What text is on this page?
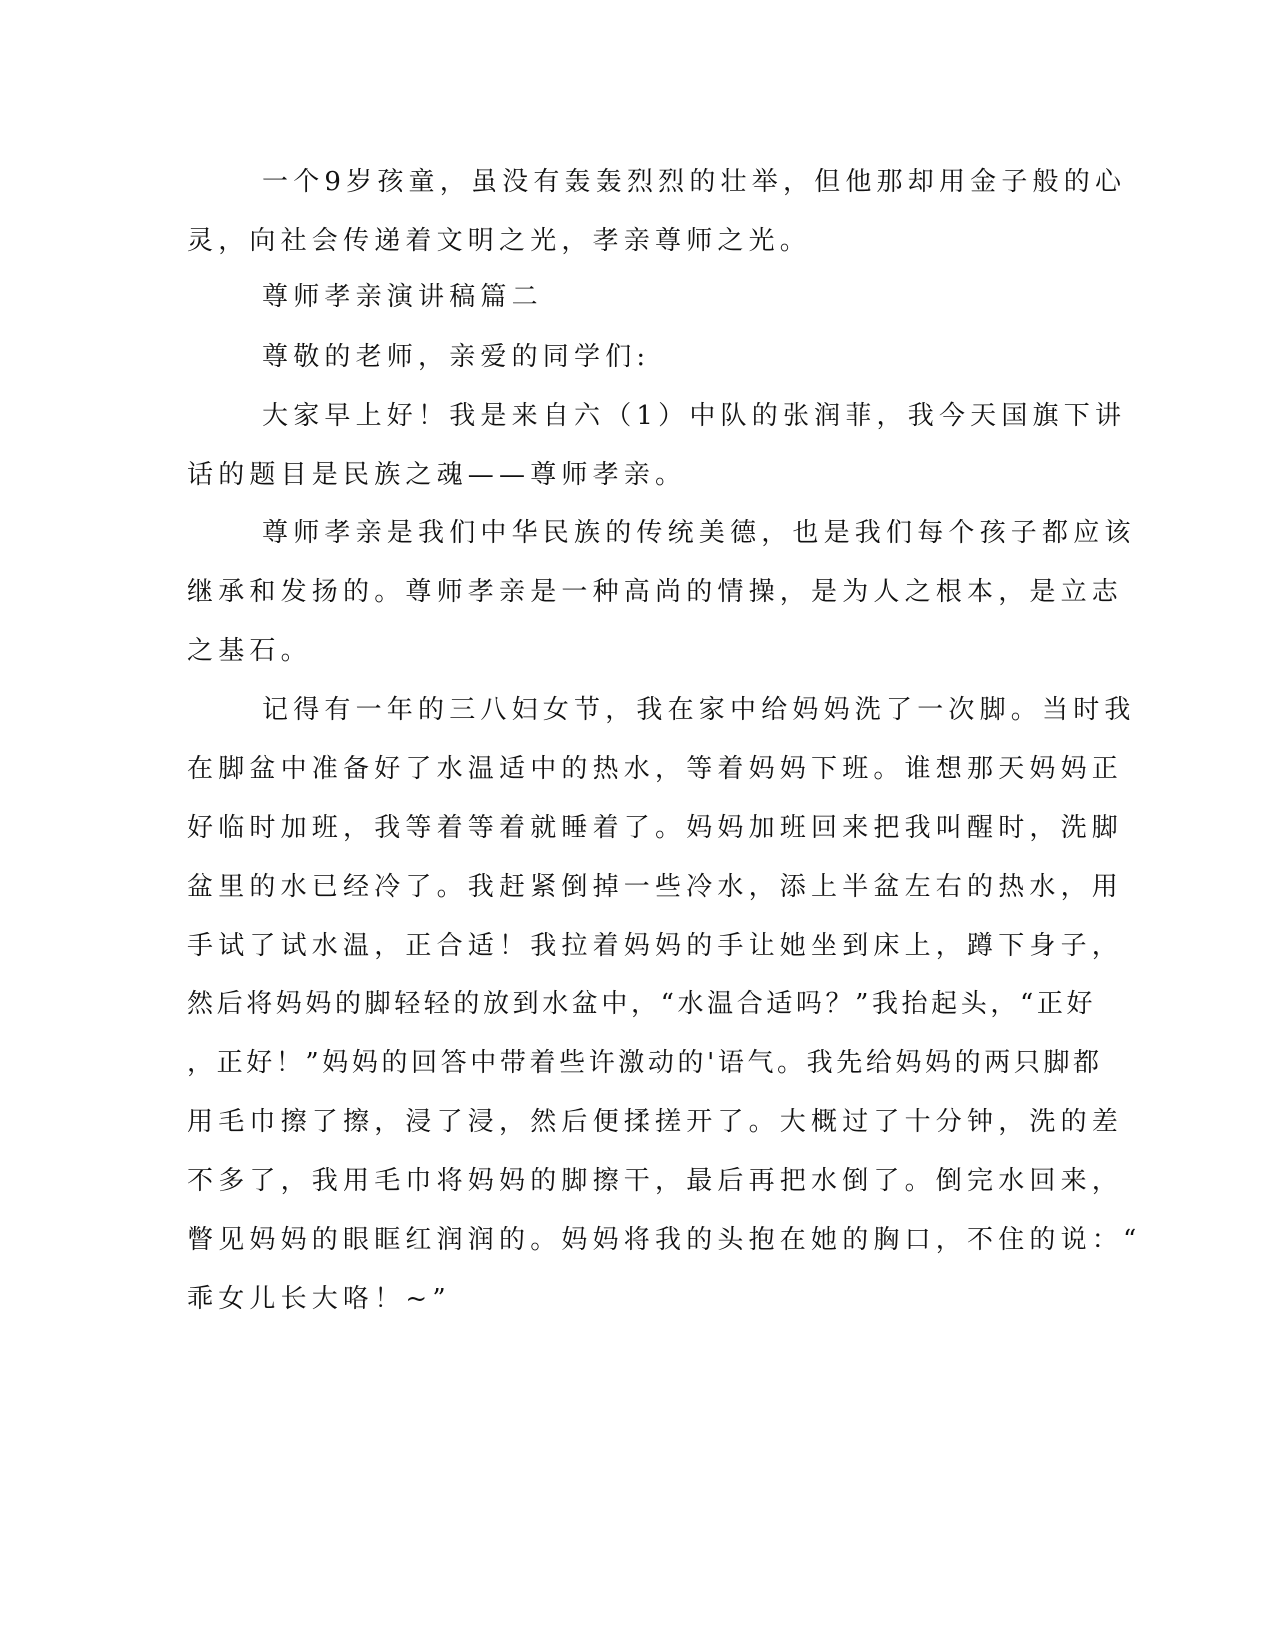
一个9岁孩童，虽没有轰轰烈烈的壮举，但他那却用金子般的心

灵，向社会传递着文明之光，孝亲尊师之光。

尊师孝亲演讲稿篇二

尊敬的老师，亲爱的同学们:

大家早上好！我是来自六（1）中队的张润菲，我今天国旗下讲

话的题目是民族之魂——尊师孝亲。

尊师孝亲是我们中华民族的传统美德，也是我们每个孩子都应该

继承和发扬的。尊师孝亲是一种高尚的情操，是为人之根本，是立志

之基石。

记得有一年的三八妇女节，我在家中给妈妈洗了一次脚。当时我

在脚盆中准备好了水温适中的热水，等着妈妈下班。谁想那天妈妈正

好临时加班，我等着等着就睡着了。妈妈加班回来把我叫醒时，洗脚

盆里的水已经冷了。我赶紧倒掉一些冷水，添上半盆左右的热水，用

手试了试水温，正合适！我拉着妈妈的手让她坐到床上，蹲下身子，

然后将妈妈的脚轻轻的放到水盆中，“水温合适吗？”我抬起头，“正好

，正好！”妈妈的回答中带着些许激动的'语气。我先给妈妈的两只脚都

用毛巾擦了擦，浸了浸，然后便揉搓开了。大概过了十分钟，洗的差

不多了，我用毛巾将妈妈的脚擦干，最后再把水倒了。倒完水回来，

瞥见妈妈的眼眶红润润的。妈妈将我的头抱在她的胸口，不住的说：“

乖女儿长大咯！~”
